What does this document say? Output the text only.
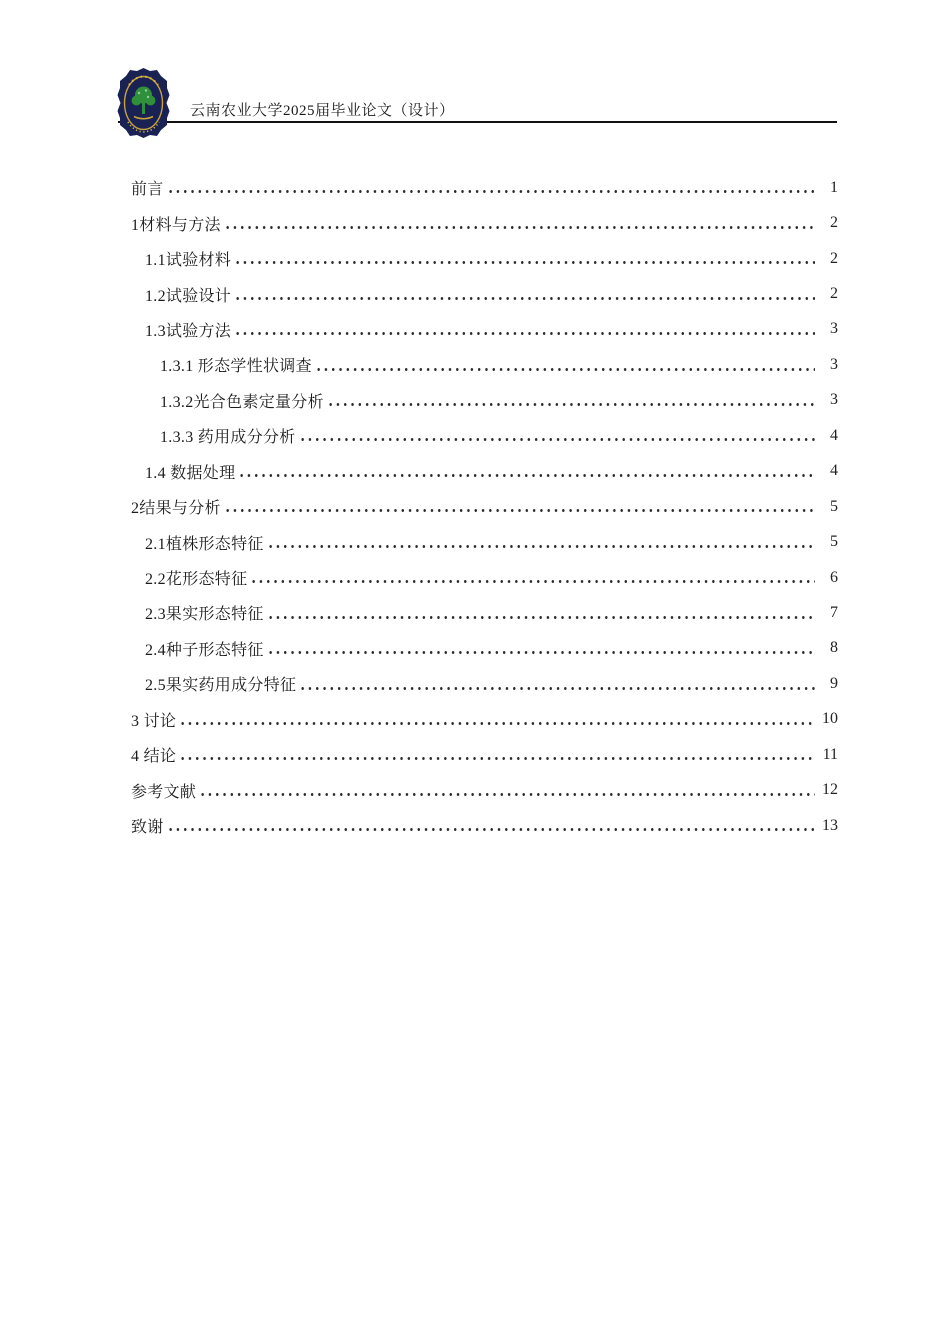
云南农业大学2025届毕业论文（设计）
前言	1
1材料与方法	2
1.1试验材料	2
1.2试验设计	2
1.3试验方法	3
1.3.1 形态学性状调查	3
1.3.2光合色素定量分析	3
1.3.3 药用成分分析	4
1.4 数据处理	4
2结果与分析	5
2.1植株形态特征	5
2.2花形态特征	6
2.3果实形态特征	7
2.4种子形态特征	8
2.5果实药用成分特征	9
3 讨论	10
4 结论	11
参考文献	12
致谢	13
